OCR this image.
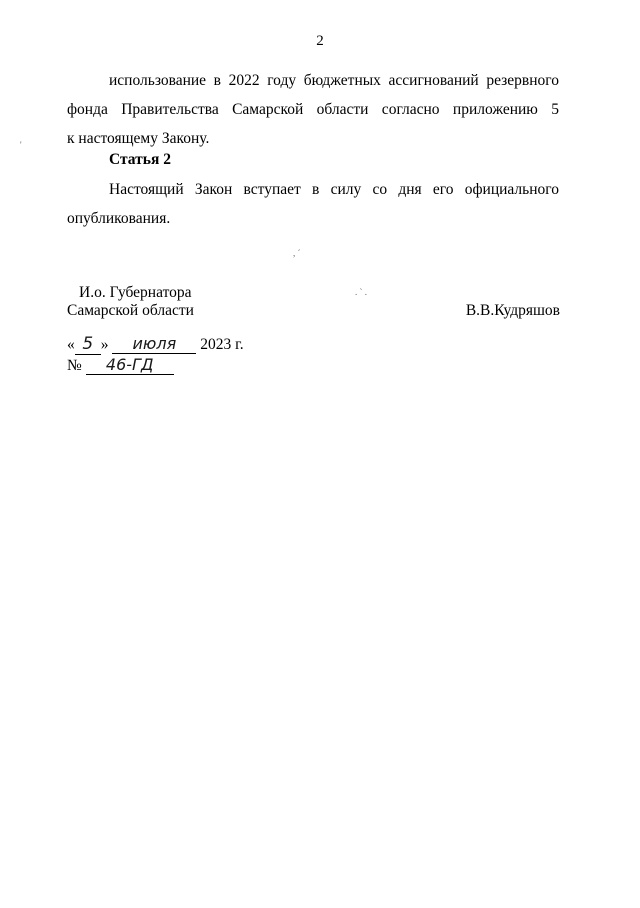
2
использование в 2022 году бюджетных ассигнований резервного
фонда Правительства Самарской области согласно приложению 5
к настоящему Закону.
Статья 2
Настоящий Закон вступает в силу со дня его официального
опубликования.
'
, ´
. ` .
И.о. Губернатора
Самарской области	В.В.Кудряшов
« 5 » июля 2023 г.
№ 46-ГД
